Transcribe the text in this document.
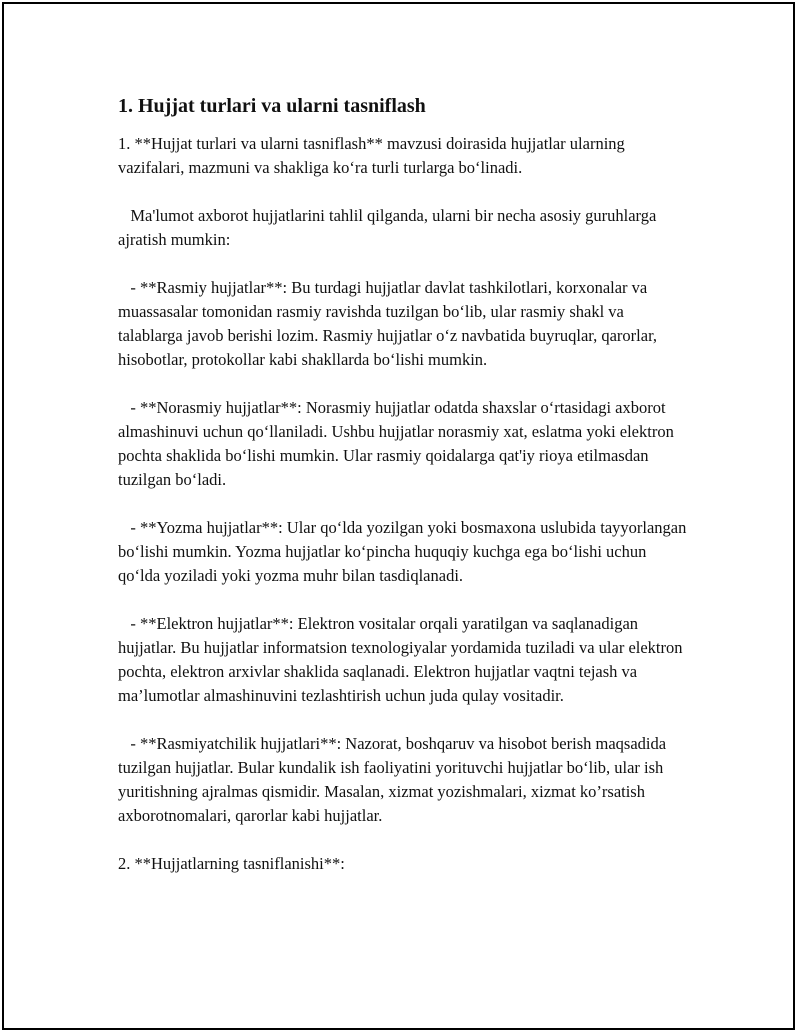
1. Hujjat turlari va ularni tasniflash

1. **Hujjat turlari va ularni tasniflash** mavzusi doirasida hujjatlar ularning vazifalari, mazmuni va shakliga ko‘ra turli turlarga bo‘linadi.

Ma'lumot axborot hujjatlarini tahlil qilganda, ularni bir necha asosiy guruhlarga ajratish mumkin:

- **Rasmiy hujjatlar**: Bu turdagi hujjatlar davlat tashkilotlari, korxonalar va muassasalar tomonidan rasmiy ravishda tuzilgan bo‘lib, ular rasmiy shakl va talablarga javob berishi lozim. Rasmiy hujjatlar o‘z navbatida buyruqlar, qarorlar, hisobotlar, protokollar kabi shakllarda bo‘lishi mumkin.

- **Norasmiy hujjatlar**: Norasmiy hujjatlar odatda shaxslar o‘rtasidagi axborot almashinuvi uchun qo‘llaniladi. Ushbu hujjatlar norasmiy xat, eslatma yoki elektron pochta shaklida bo‘lishi mumkin. Ular rasmiy qoidalarga qat'iy rioya etilmasdan tuzilgan bo‘ladi.

- **Yozma hujjatlar**: Ular qo‘lda yozilgan yoki bosmaxona uslubida tayyorlangan bo‘lishi mumkin. Yozma hujjatlar ko‘pincha huquqiy kuchga ega bo‘lishi uchun qo‘lda yoziladi yoki yozma muhr bilan tasdiqlanadi.

- **Elektron hujjatlar**: Elektron vositalar orqali yaratilgan va saqlanadigan hujjatlar. Bu hujjatlar informatsion texnologiyalar yordamida tuziladi va ular elektron pochta, elektron arxivlar shaklida saqlanadi. Elektron hujjatlar vaqtni tejash va ma’lumotlar almashinuvini tezlashtirish uchun juda qulay vositadir.

- **Rasmiyatchilik hujjatlari**: Nazorat, boshqaruv va hisobot berish maqsadida tuzilgan hujjatlar. Bular kundalik ish faoliyatini yorituvchi hujjatlar bo‘lib, ular ish yuritishning ajralmas qismidir. Masalan, xizmat yozishmalari, xizmat ko’rsatish axborotnomalari, qarorlar kabi hujjatlar.

2. **Hujjatlarning tasniflanishi**:
